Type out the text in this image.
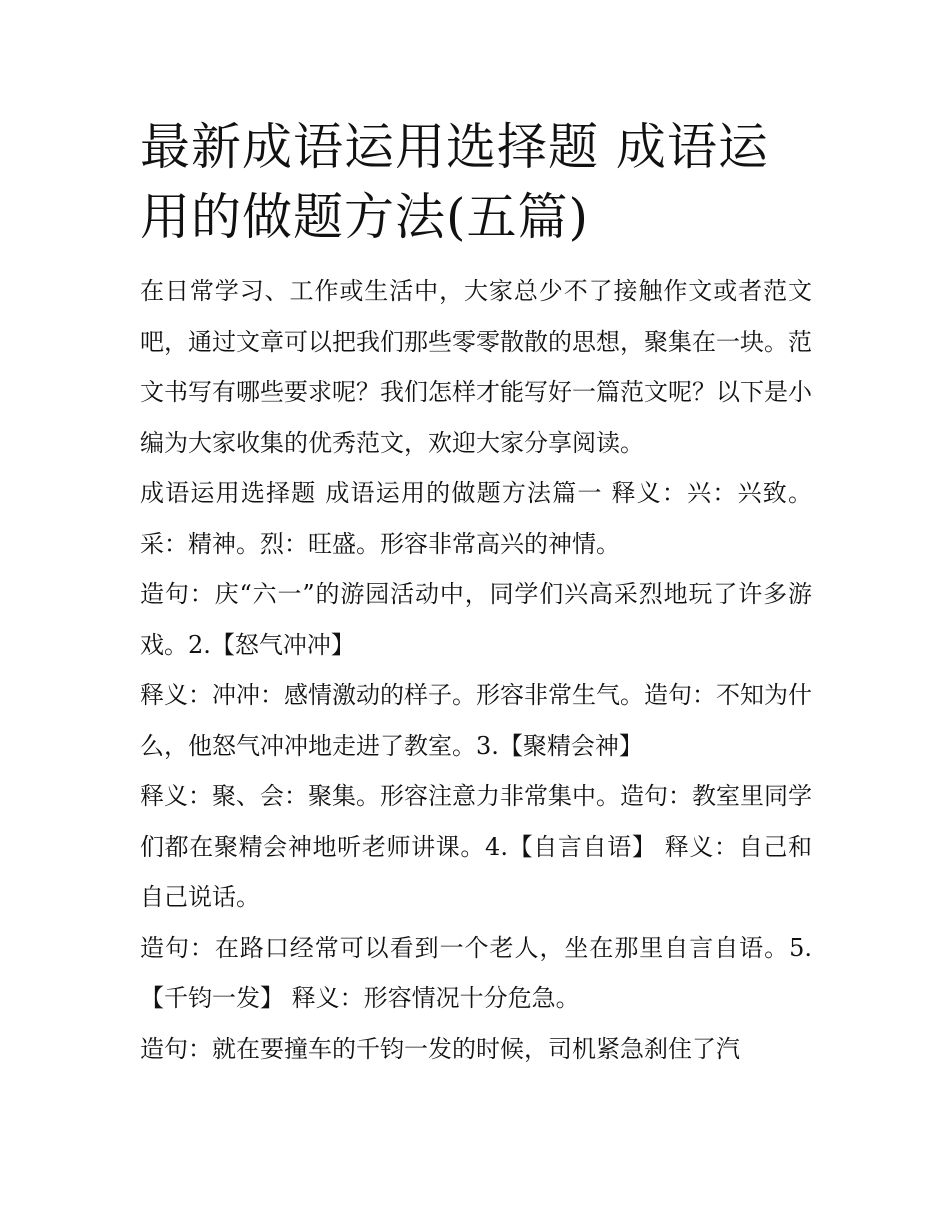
最新成语运用选择题 成语运用的做题方法(五篇)

在日常学习、工作或生活中，大家总少不了接触作文或者范文吧，通过文章可以把我们那些零零散散的思想，聚集在一块。范文书写有哪些要求呢？我们怎样才能写好一篇范文呢？以下是小编为大家收集的优秀范文，欢迎大家分享阅读。

成语运用选择题 成语运用的做题方法篇一 释义：兴：兴致。采：精神。烈：旺盛。形容非常高兴的神情。

造句：庆“六一”的游园活动中，同学们兴高采烈地玩了许多游戏。2.【怒气冲冲】

释义：冲冲：感情激动的样子。形容非常生气。造句：不知为什么，他怒气冲冲地走进了教室。3.【聚精会神】

释义：聚、会：聚集。形容注意力非常集中。造句：教室里同学们都在聚精会神地听老师讲课。4.【自言自语】 释义：自己和自己说话。

造句：在路口经常可以看到一个老人，坐在那里自言自语。5.【千钧一发】 释义：形容情况十分危急。

造句：就在要撞车的千钧一发的时候，司机紧急刹住了汽
